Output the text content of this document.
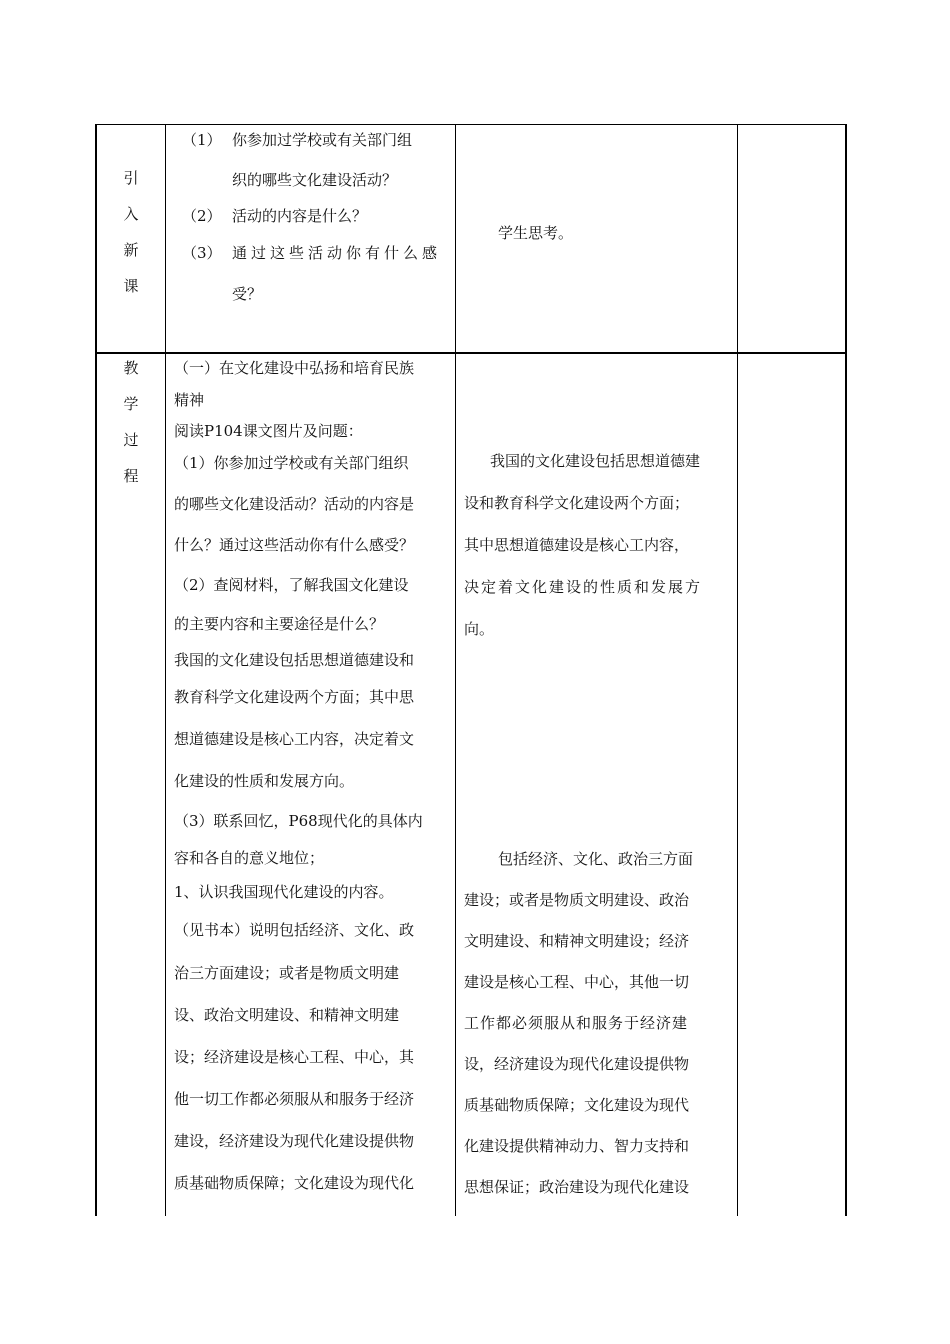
引
入
新
课
（1） 你参加过学校或有关部门组
织的哪些文化建设活动？
（2） 活动的内容是什么？
（3） 通过这些活动你有什么感
受？
学生思考。
教
学
过
程
（一）在文化建设中弘扬和培育民族
精神
阅读P104课文图片及问题：
（1）你参加过学校或有关部门组织
的哪些文化建设活动？活动的内容是
什么？通过这些活动你有什么感受？
（2）查阅材料，了解我国文化建设
的主要内容和主要途径是什么？
我国的文化建设包括思想道德建设和
教育科学文化建设两个方面；其中思
想道德建设是核心工内容，决定着文
化建设的性质和发展方向。
（3）联系回忆，P68现代化的具体内
容和各自的意义地位；
1、认识我国现代化建设的内容。
（见书本）说明包括经济、文化、政
治三方面建设；或者是物质文明建
设、政治文明建设、和精神文明建
设；经济建设是核心工程、中心，其
他一切工作都必须服从和服务于经济
建设，经济建设为现代化建设提供物
质基础物质保障；文化建设为现代化
我国的文化建设包括思想道德建
设和教育科学文化建设两个方面；
其中思想道德建设是核心工内容，
决定着文化建设的性质和发展方
向。
包括经济、文化、政治三方面
建设；或者是物质文明建设、政治
文明建设、和精神文明建设；经济
建设是核心工程、中心，其他一切
工作都必须服从和服务于经济建
设，经济建设为现代化建设提供物
质基础物质保障；文化建设为现代
化建设提供精神动力、智力支持和
思想保证；政治建设为现代化建设
